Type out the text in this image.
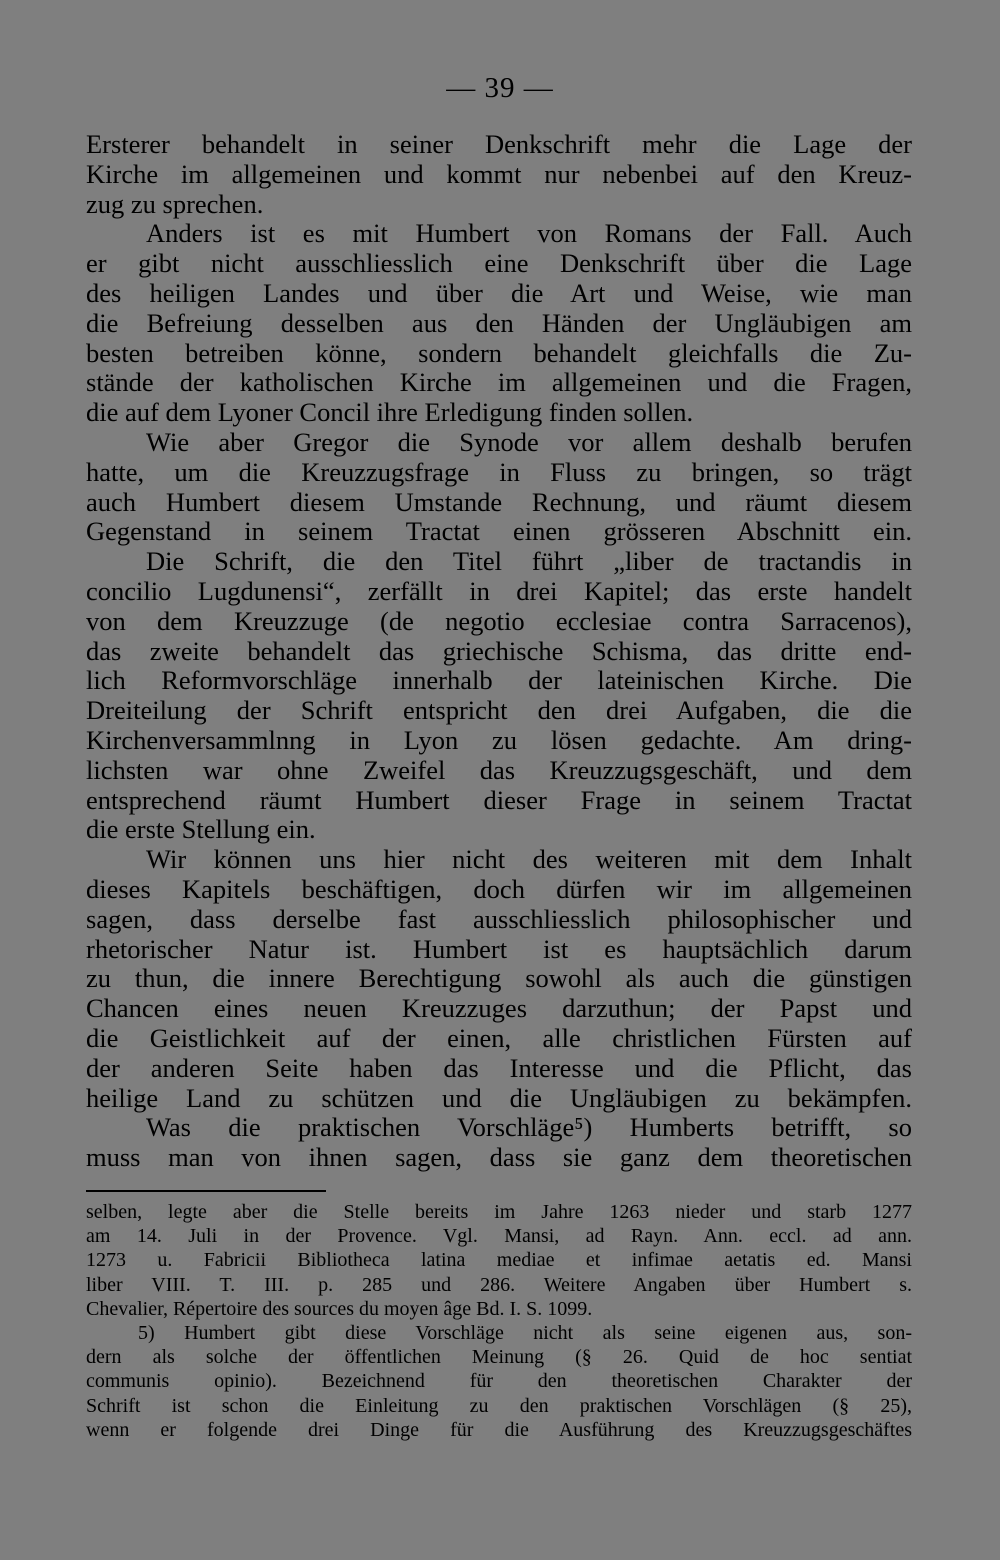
— 39 —
Ersterer behandelt in seiner Denkschrift mehr die Lage der
Kirche im allgemeinen und kommt nur nebenbei auf den Kreuz-
zug zu sprechen.
Anders ist es mit Humbert von Romans der Fall. Auch
er gibt nicht ausschliesslich eine Denkschrift über die Lage
des heiligen Landes und über die Art und Weise, wie man
die Befreiung desselben aus den Händen der Ungläubigen am
besten betreiben könne, sondern behandelt gleichfalls die Zu-
stände der katholischen Kirche im allgemeinen und die Fragen,
die auf dem Lyoner Concil ihre Erledigung finden sollen.
Wie aber Gregor die Synode vor allem deshalb berufen
hatte, um die Kreuzzugsfrage in Fluss zu bringen, so trägt
auch Humbert diesem Umstande Rechnung, und räumt diesem
Gegenstand in seinem Tractat einen grösseren Abschnitt ein.
Die Schrift, die den Titel führt „liber de tractandis in
concilio Lugdunensi“, zerfällt in drei Kapitel; das erste handelt
von dem Kreuzzuge (de negotio ecclesiae contra Sarracenos),
das zweite behandelt das griechische Schisma, das dritte end-
lich Reformvorschläge innerhalb der lateinischen Kirche. Die
Dreiteilung der Schrift entspricht den drei Aufgaben, die die
Kirchenversammlnng in Lyon zu lösen gedachte. Am dring-
lichsten war ohne Zweifel das Kreuzzugsgeschäft, und dem
entsprechend räumt Humbert dieser Frage in seinem Tractat
die erste Stellung ein.
Wir können uns hier nicht des weiteren mit dem Inhalt
dieses Kapitels beschäftigen, doch dürfen wir im allgemeinen
sagen, dass derselbe fast ausschliesslich philosophischer und
rhetorischer Natur ist. Humbert ist es hauptsächlich darum
zu thun, die innere Berechtigung sowohl als auch die günstigen
Chancen eines neuen Kreuzzuges darzuthun; der Papst und
die Geistlichkeit auf der einen, alle christlichen Fürsten auf
der anderen Seite haben das Interesse und die Pflicht, das
heilige Land zu schützen und die Ungläubigen zu bekämpfen.
Was die praktischen Vorschläge⁵) Humberts betrifft, so
muss man von ihnen sagen, dass sie ganz dem theoretischen
selben, legte aber die Stelle bereits im Jahre 1263 nieder und starb 1277
am 14. Juli in der Provence. Vgl. Mansi, ad Rayn. Ann. eccl. ad ann.
1273 u. Fabricii Bibliotheca latina mediae et infimae aetatis ed. Mansi
liber VIII. T. III. p. 285 und 286. Weitere Angaben über Humbert s.
Chevalier, Répertoire des sources du moyen âge Bd. I. S. 1099.
5) Humbert gibt diese Vorschläge nicht als seine eigenen aus, son-
dern als solche der öffentlichen Meinung (§ 26. Quid de hoc sentiat
communis opinio). Bezeichnend für den theoretischen Charakter der
Schrift ist schon die Einleitung zu den praktischen Vorschlägen (§ 25),
wenn er folgende drei Dinge für die Ausführung des Kreuzzugsgeschäftes
